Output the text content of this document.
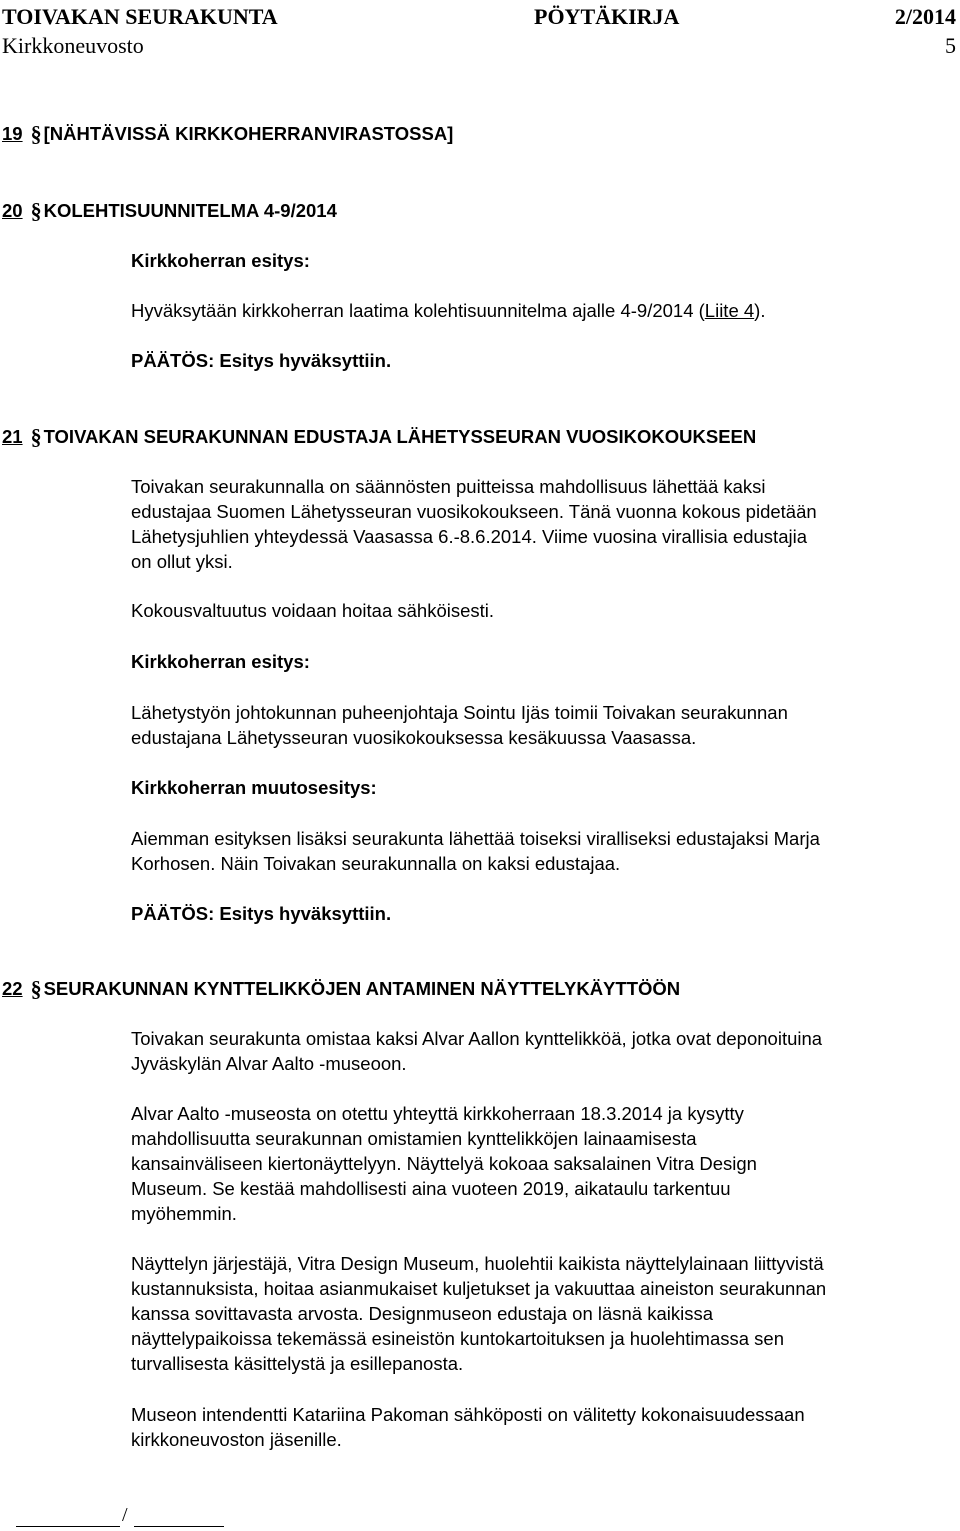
TOIVAKAN SEURAKUNTA	PÖYTÄKIRJA	2/2014
Kirkkoneuvosto	5
19 § [NÄHTÄVISSÄ KIRKKOHERRANVIRASTOSSA]
20 § KOLEHTISUUNNITELMA 4-9/2014
Kirkkoherran esitys:
Hyväksytään kirkkoherran laatima kolehtisuunnitelma ajalle 4-9/2014 (Liite 4).
PÄÄTÖS: Esitys hyväksyttiin.
21 § TOIVAKAN SEURAKUNNAN EDUSTAJA LÄHETYSSEURAN VUOSIKOKOUKSEEN
Toivakan seurakunnalla on säännösten puitteissa mahdollisuus lähettää kaksi
edustajaa Suomen Lähetysseuran vuosikokoukseen. Tänä vuonna kokous pidetään
Lähetysjuhlien yhteydessä Vaasassa 6.-8.6.2014. Viime vuosina virallisia edustajia
on ollut yksi.
Kokousvaltuutus voidaan hoitaa sähköisesti.
Kirkkoherran esitys:
Lähetystyön johtokunnan puheenjohtaja Sointu Ijäs toimii Toivakan seurakunnan
edustajana Lähetysseuran vuosikokouksessa kesäkuussa Vaasassa.
Kirkkoherran muutosesitys:
Aiemman esityksen lisäksi seurakunta lähettää toiseksi viralliseksi edustajaksi Marja
Korhosen. Näin Toivakan seurakunnalla on kaksi edustajaa.
PÄÄTÖS: Esitys hyväksyttiin.
22 § SEURAKUNNAN KYNTTELIKKÖJEN ANTAMINEN NÄYTTELYKÄYTTÖÖN
Toivakan seurakunta omistaa kaksi Alvar Aallon kynttelikköä, jotka ovat deponoituina
Jyväskylän Alvar Aalto -museoon.
Alvar Aalto -museosta on otettu yhteyttä kirkkoherraan 18.3.2014 ja kysytty
mahdollisuutta seurakunnan omistamien kynttelikköjen lainaamisesta
kansainväliseen kiertonäyttelyyn. Näyttelyä kokoaa saksalainen Vitra Design
Museum. Se kestää mahdollisesti aina vuoteen 2019, aikataulu tarkentuu
myöhemmin.
Näyttelyn järjestäjä, Vitra Design Museum, huolehtii kaikista näyttelylainaan liittyvistä
kustannuksista, hoitaa asianmukaiset kuljetukset ja vakuuttaa aineiston seurakunnan
kanssa sovittavasta arvosta. Designmuseon edustaja on läsnä kaikissa
näyttelypaikoissa tekemässä esineistön kuntokartoituksen ja huolehtimassa sen
turvallisesta käsittelystä ja esillepanosta.
Museon intendentti Katariina Pakoman sähköposti on välitetty kokonaisuudessaan
kirkkoneuvoston jäsenille.
/
